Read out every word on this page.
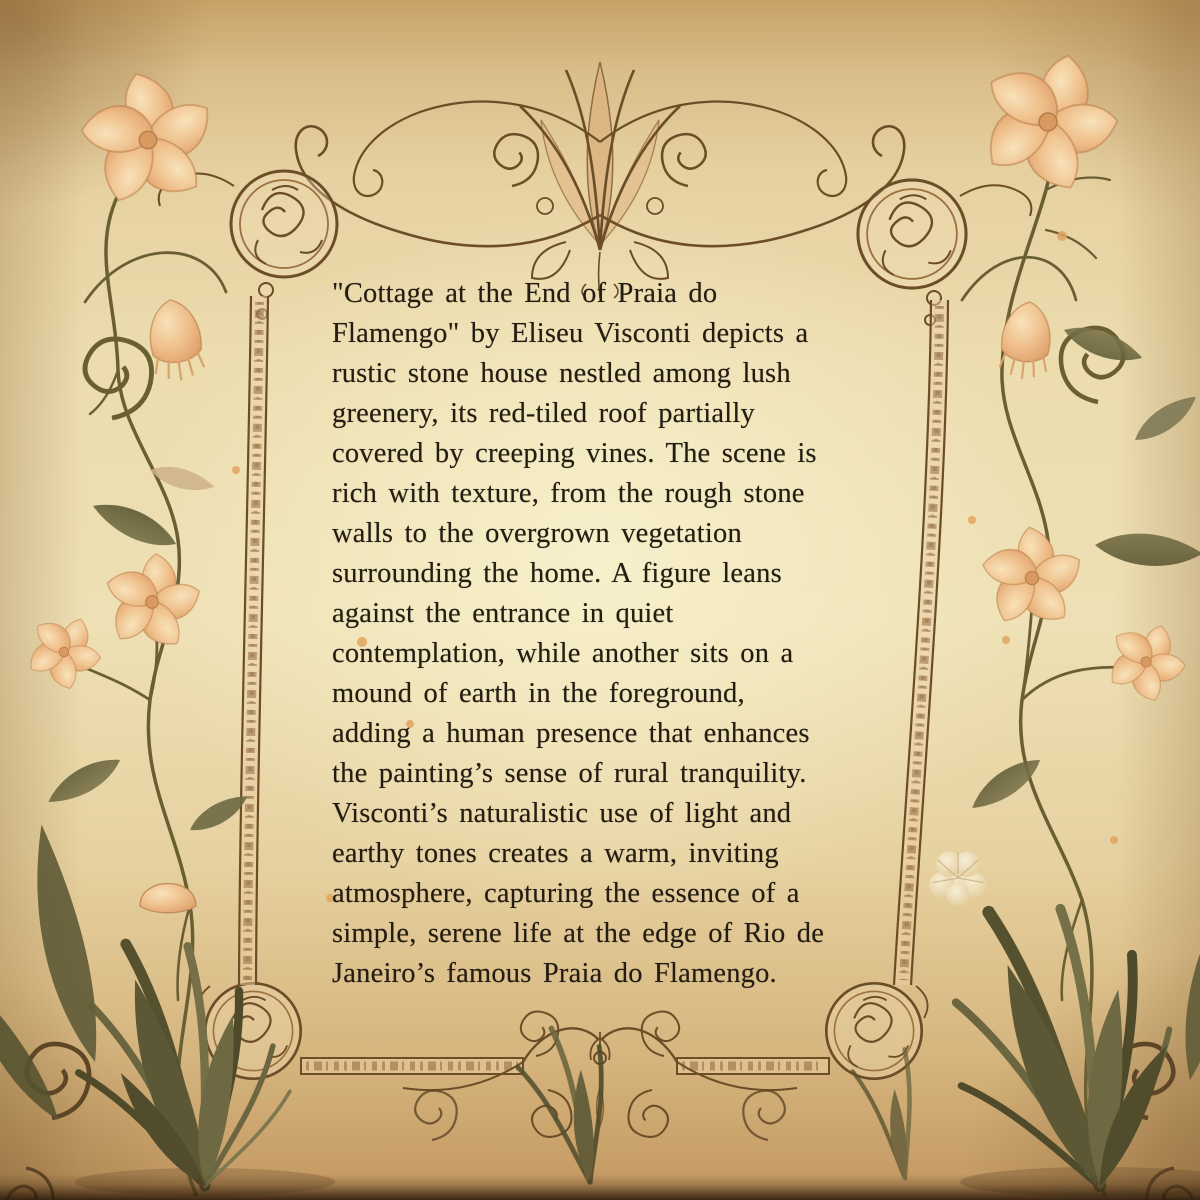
"Cottage at the End of Praia do
Flamengo" by Eliseu Visconti depicts a
rustic stone house nestled among lush
greenery, its red-tiled roof partially
covered by creeping vines. The scene is
rich with texture, from the rough stone
walls to the overgrown vegetation
surrounding the home. A figure leans
against the entrance in quiet
contemplation, while another sits on a
mound of earth in the foreground,
adding a human presence that enhances
the painting’s sense of rural tranquility.
Visconti’s naturalistic use of light and
earthy tones creates a warm, inviting
atmosphere, capturing the essence of a
simple, serene life at the edge of Rio de
Janeiro’s famous Praia do Flamengo.
